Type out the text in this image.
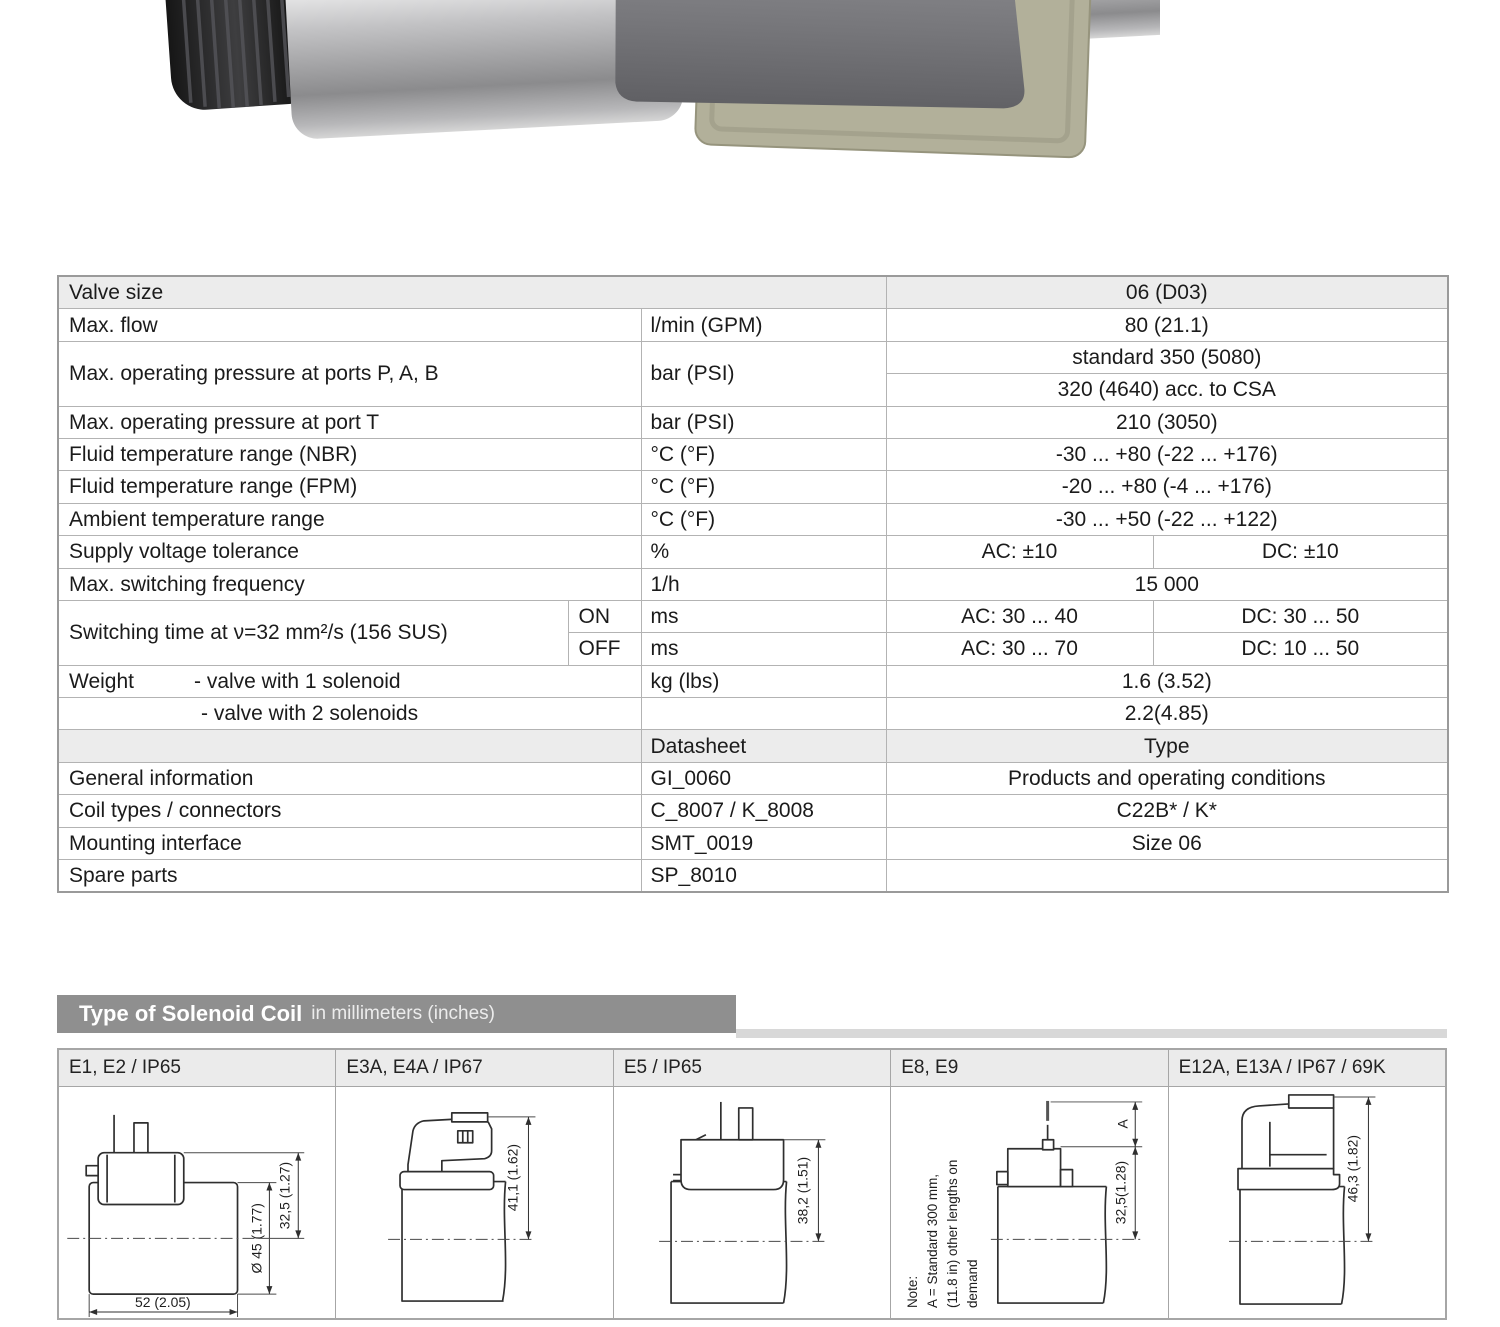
Valve size			06 (D03)	
Max. flow		l/min (GPM)	80 (21.1)	
Max. operating pressure at ports P, A, B		bar (PSI)	standard 350 (5080)	
			320 (4640) acc. to CSA	
Max. operating pressure at port T		bar (PSI)	210 (3050)	
Fluid temperature range (NBR)		°C (°F)	-30 ... +80 (-22 ... +176)	
Fluid temperature range (FPM)		°C (°F)	-20 ... +80 (-4 ... +176)	
Ambient temperature range		°C (°F)	-30 ... +50 (-22 ... +122)	
Supply voltage tolerance		%	AC: ±10	DC: ±10
Max. switching frequency		1/h	15 000	
Switching time at ν=32 mm²/s (156 SUS)	ON	ms	AC: 30 ... 40	DC: 30 ... 50
	OFF	ms	AC: 30 ... 70	DC: 10 ... 50
Weight - valve with 1 solenoid		kg (lbs)	1.6 (3.52)	
- valve with 2 solenoids			2.2(4.85)	
		Datasheet	Type	
General information		GI_0060	Products and operating conditions	
Coil types / connectors		C_8007 / K_8008	C22B* / K*	
Mounting interface		SMT_0019	Size 06	
Spare parts		SP_8010		
Type of Solenoid Coil in millimeters (inches)
E1, E2 / IP65
Ø 45 (1.77)
32,5 (1.27)
52 (2.05)
E3A, E4A / IP67
41,1 (1.62)
E5 / IP65
38,2 (1.51)
E8, E9
Note: A = Standard 300 mm, (11.8 in) other lengths on demand
A
32,5(1.28)
E12A, E13A / IP67 / 69K
46,3 (1.82)
